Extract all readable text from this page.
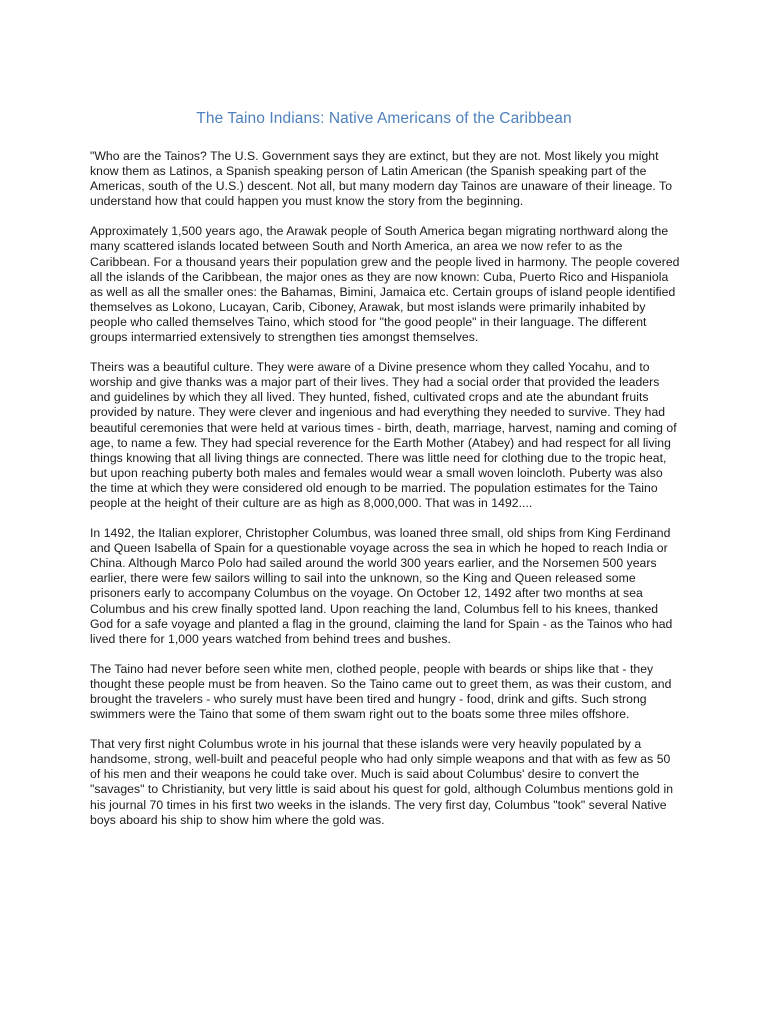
The Taino Indians: Native Americans of the Caribbean

"Who are the Tainos? The U.S. Government says they are extinct, but they are not. Most likely you might know them as Latinos, a Spanish speaking person of Latin American (the Spanish speaking part of the Americas, south of the U.S.) descent. Not all, but many modern day Tainos are unaware of their lineage. To understand how that could happen you must know the story from the beginning.

Approximately 1,500 years ago, the Arawak people of South America began migrating northward along the many scattered islands located between South and North America, an area we now refer to as the Caribbean. For a thousand years their population grew and the people lived in harmony. The people covered all the islands of the Caribbean, the major ones as they are now known: Cuba, Puerto Rico and Hispaniola as well as all the smaller ones: the Bahamas, Bimini, Jamaica etc. Certain groups of island people identified themselves as Lokono, Lucayan, Carib, Ciboney, Arawak, but most islands were primarily inhabited by people who called themselves Taino, which stood for "the good people" in their language. The different groups intermarried extensively to strengthen ties amongst themselves.

Theirs was a beautiful culture. They were aware of a Divine presence whom they called Yocahu, and to worship and give thanks was a major part of their lives. They had a social order that provided the leaders and guidelines by which they all lived. They hunted, fished, cultivated crops and ate the abundant fruits provided by nature. They were clever and ingenious and had everything they needed to survive. They had beautiful ceremonies that were held at various times - birth, death, marriage, harvest, naming and coming of age, to name a few. They had special reverence for the Earth Mother (Atabey) and had respect for all living things knowing that all living things are connected. There was little need for clothing due to the tropic heat, but upon reaching puberty both males and females would wear a small woven loincloth. Puberty was also the time at which they were considered old enough to be married. The population estimates for the Taino people at the height of their culture are as high as 8,000,000. That was in 1492....

In 1492, the Italian explorer, Christopher Columbus, was loaned three small, old ships from King Ferdinand and Queen Isabella of Spain for a questionable voyage across the sea in which he hoped to reach India or China. Although Marco Polo had sailed around the world 300 years earlier, and the Norsemen 500 years earlier, there were few sailors willing to sail into the unknown, so the King and Queen released some prisoners early to accompany Columbus on the voyage. On October 12, 1492 after two months at sea Columbus and his crew finally spotted land. Upon reaching the land, Columbus fell to his knees, thanked God for a safe voyage and planted a flag in the ground, claiming the land for Spain - as the Tainos who had lived there for 1,000 years watched from behind trees and bushes.

The Taino had never before seen white men, clothed people, people with beards or ships like that - they thought these people must be from heaven. So the Taino came out to greet them, as was their custom, and brought the travelers - who surely must have been tired and hungry - food, drink and gifts. Such strong swimmers were the Taino that some of them swam right out to the boats some three miles offshore.

That very first night Columbus wrote in his journal that these islands were very heavily populated by a handsome, strong, well-built and peaceful people who had only simple weapons and that with as few as 50 of his men and their weapons he could take over. Much is said about Columbus' desire to convert the "savages" to Christianity, but very little is said about his quest for gold, although Columbus mentions gold in his journal 70 times in his first two weeks in the islands. The very first day, Columbus "took" several Native boys aboard his ship to show him where the gold was.
